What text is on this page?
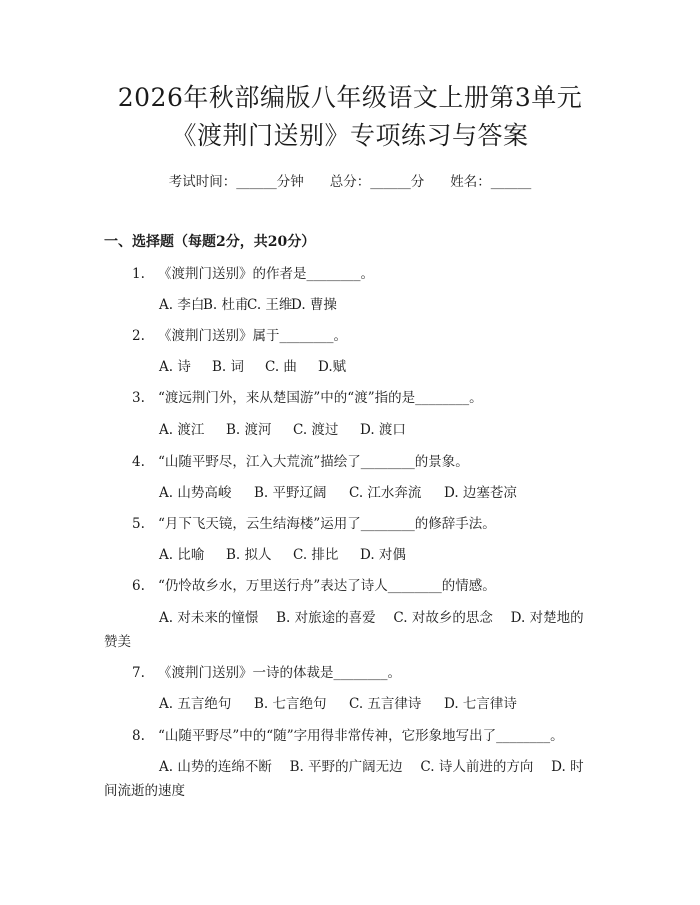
2026年秋部编版八年级语文上册第3单元
《渡荆门送别》专项练习与答案
考试时间：______分钟 总分：______分 姓名：______
一、选择题（每题2分，共20分）
1. 《渡荆门送别》的作者是________。
A. 李白B. 杜甫C. 王维D. 曹操
2. 《渡荆门送别》属于________。
A. 诗 B. 词 C. 曲 D.赋
3. “渡远荆门外，来从楚国游”中的“渡”指的是________。
A. 渡江 B. 渡河 C. 渡过 D. 渡口
4. “山随平野尽，江入大荒流”描绘了________的景象。
A. 山势高峻 B. 平野辽阔 C. 江水奔流 D. 边塞苍凉
5. “月下飞天镜，云生结海楼”运用了________的修辞手法。
A. 比喻 B. 拟人 C. 排比 D. 对偶
6. “仍怜故乡水，万里送行舟”表达了诗人________的情感。
A. 对未来的憧憬　 B. 对旅途的喜爱　 C. 对故乡的思念　 D. 对楚地的赞美
7. 《渡荆门送别》一诗的体裁是________。
A. 五言绝句 B. 七言绝句 C. 五言律诗 D. 七言律诗
8. “山随平野尽”中的“随”字用得非常传神，它形象地写出了________。
A. 山势的连绵不断　 B. 平野的广阔无边　 C. 诗人前进的方向　 D. 时间流逝的速度
